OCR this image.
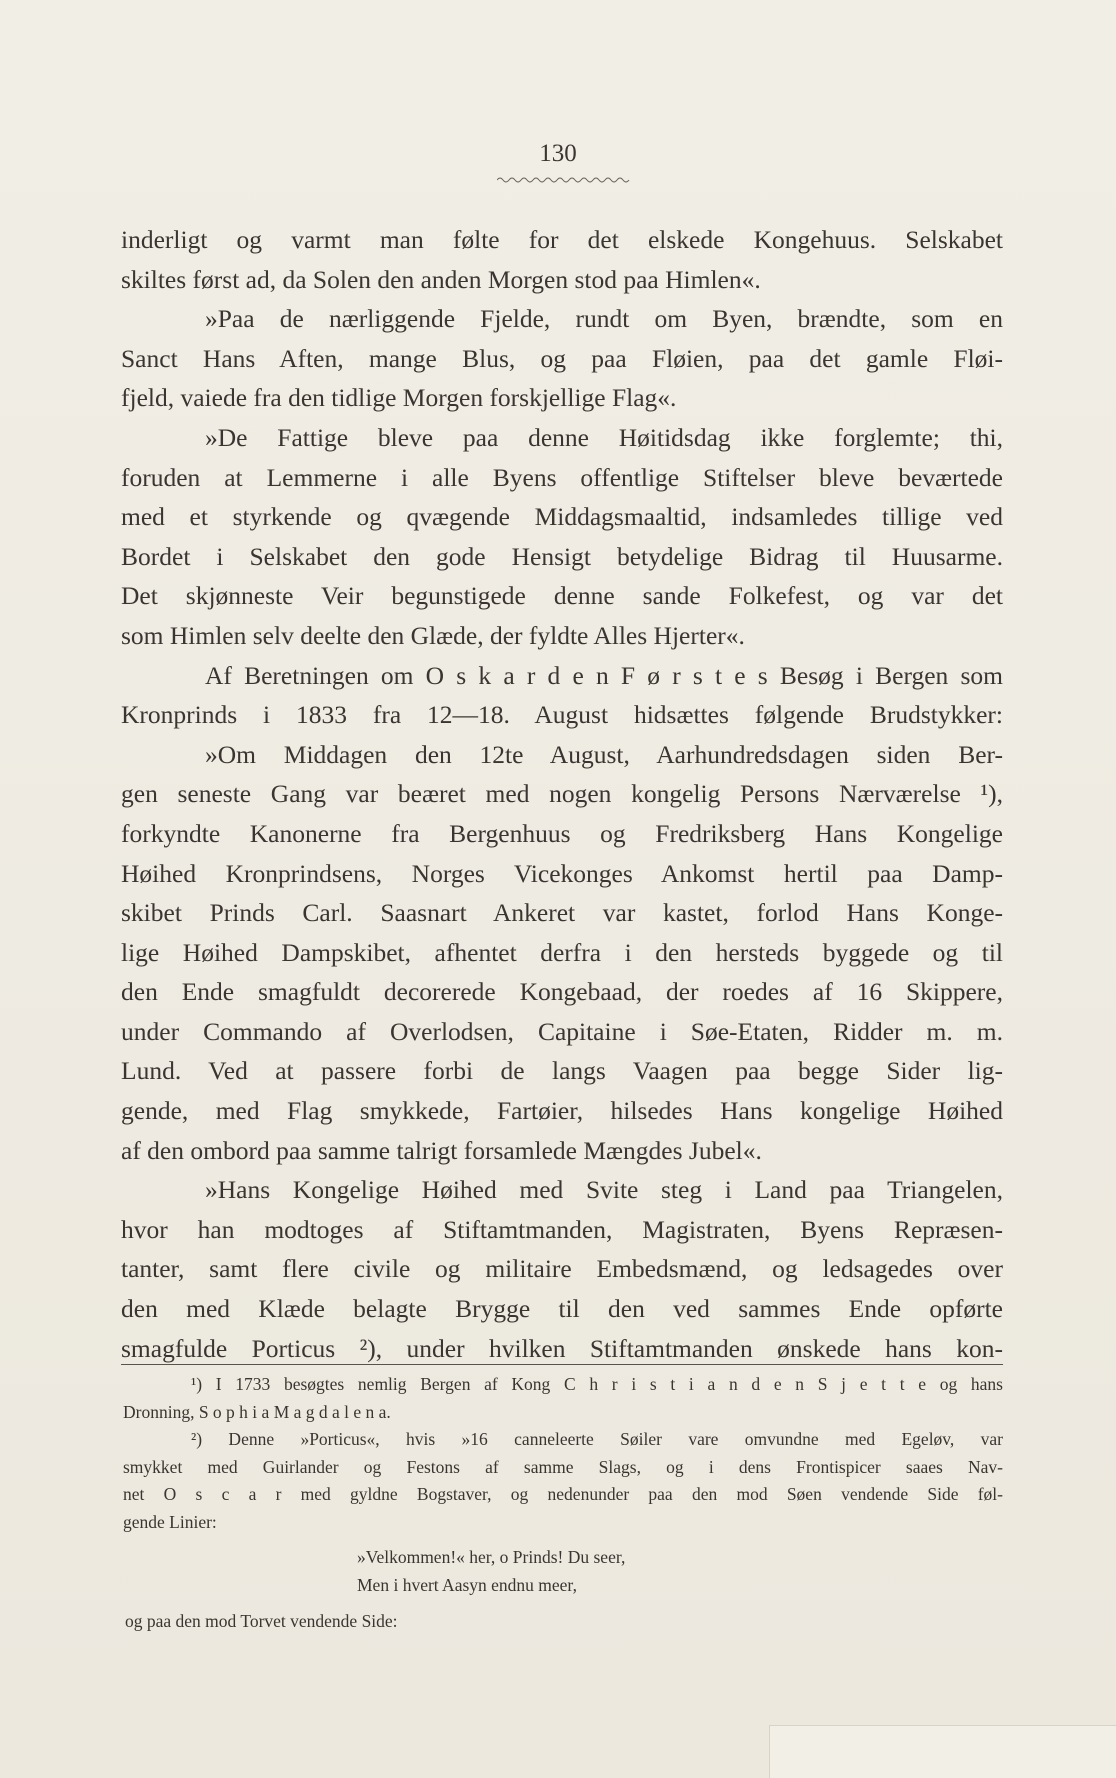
130
inderligt og varmt man følte for det elskede Kongehuus. Selskabet
skiltes først ad, da Solen den anden Morgen stod paa Himlen«.
»Paa de nærliggende Fjelde, rundt om Byen, brændte, som en
Sanct Hans Aften, mange Blus, og paa Fløien, paa det gamle Fløi-
fjeld, vaiede fra den tidlige Morgen forskjellige Flag«.
»De Fattige bleve paa denne Høitidsdag ikke forglemte; thi,
foruden at Lemmerne i alle Byens offentlige Stiftelser bleve beværtede
med et styrkende og qvægende Middagsmaaltid, indsamledes tillige ved
Bordet i Selskabet den gode Hensigt betydelige Bidrag til Huusarme.
Det skjønneste Veir begunstigede denne sande Folkefest, og var det
som Himlen selv deelte den Glæde, der fyldte Alles Hjerter«.
Af Beretningen om O s k a r d e n F ø r s t e s Besøg i Bergen som
Kronprinds i 1833 fra 12—18. August hidsættes følgende Brudstykker:
»Om Middagen den 12te August, Aarhundredsdagen siden Ber-
gen seneste Gang var beæret med nogen kongelig Persons Nærværelse ¹),
forkyndte Kanonerne fra Bergenhuus og Fredriksberg Hans Kongelige
Høihed Kronprindsens, Norges Vicekonges Ankomst hertil paa Damp-
skibet Prinds Carl. Saasnart Ankeret var kastet, forlod Hans Konge-
lige Høihed Dampskibet, afhentet derfra i den hersteds byggede og til
den Ende smagfuldt decorerede Kongebaad, der roedes af 16 Skippere,
under Commando af Overlodsen, Capitaine i Søe-Etaten, Ridder m. m.
Lund. Ved at passere forbi de langs Vaagen paa begge Sider lig-
gende, med Flag smykkede, Fartøier, hilsedes Hans kongelige Høihed
af den ombord paa samme talrigt forsamlede Mængdes Jubel«.
»Hans Kongelige Høihed med Svite steg i Land paa Triangelen,
hvor han modtoges af Stiftamtmanden, Magistraten, Byens Repræsen-
tanter, samt flere civile og militaire Embedsmænd, og ledsagedes over
den med Klæde belagte Brygge til den ved sammes Ende opførte
smagfulde Porticus ²), under hvilken Stiftamtmanden ønskede hans kon-
¹) I 1733 besøgtes nemlig Bergen af Kong C h r i s t i a n d e n S j e t t e og hans
Dronning, S o p h i a M a g d a l e n a.
²) Denne »Porticus«, hvis »16 canneleerte Søiler vare omvundne med Egeløv, var
smykket med Guirlander og Festons af samme Slags, og i dens Frontispicer saaes Nav-
net O s c a r med gyldne Bogstaver, og nedenunder paa den mod Søen vendende Side føl-
gende Linier:
»Velkommen!« her, o Prinds! Du seer,
Men i hvert Aasyn endnu meer,
og paa den mod Torvet vendende Side:
